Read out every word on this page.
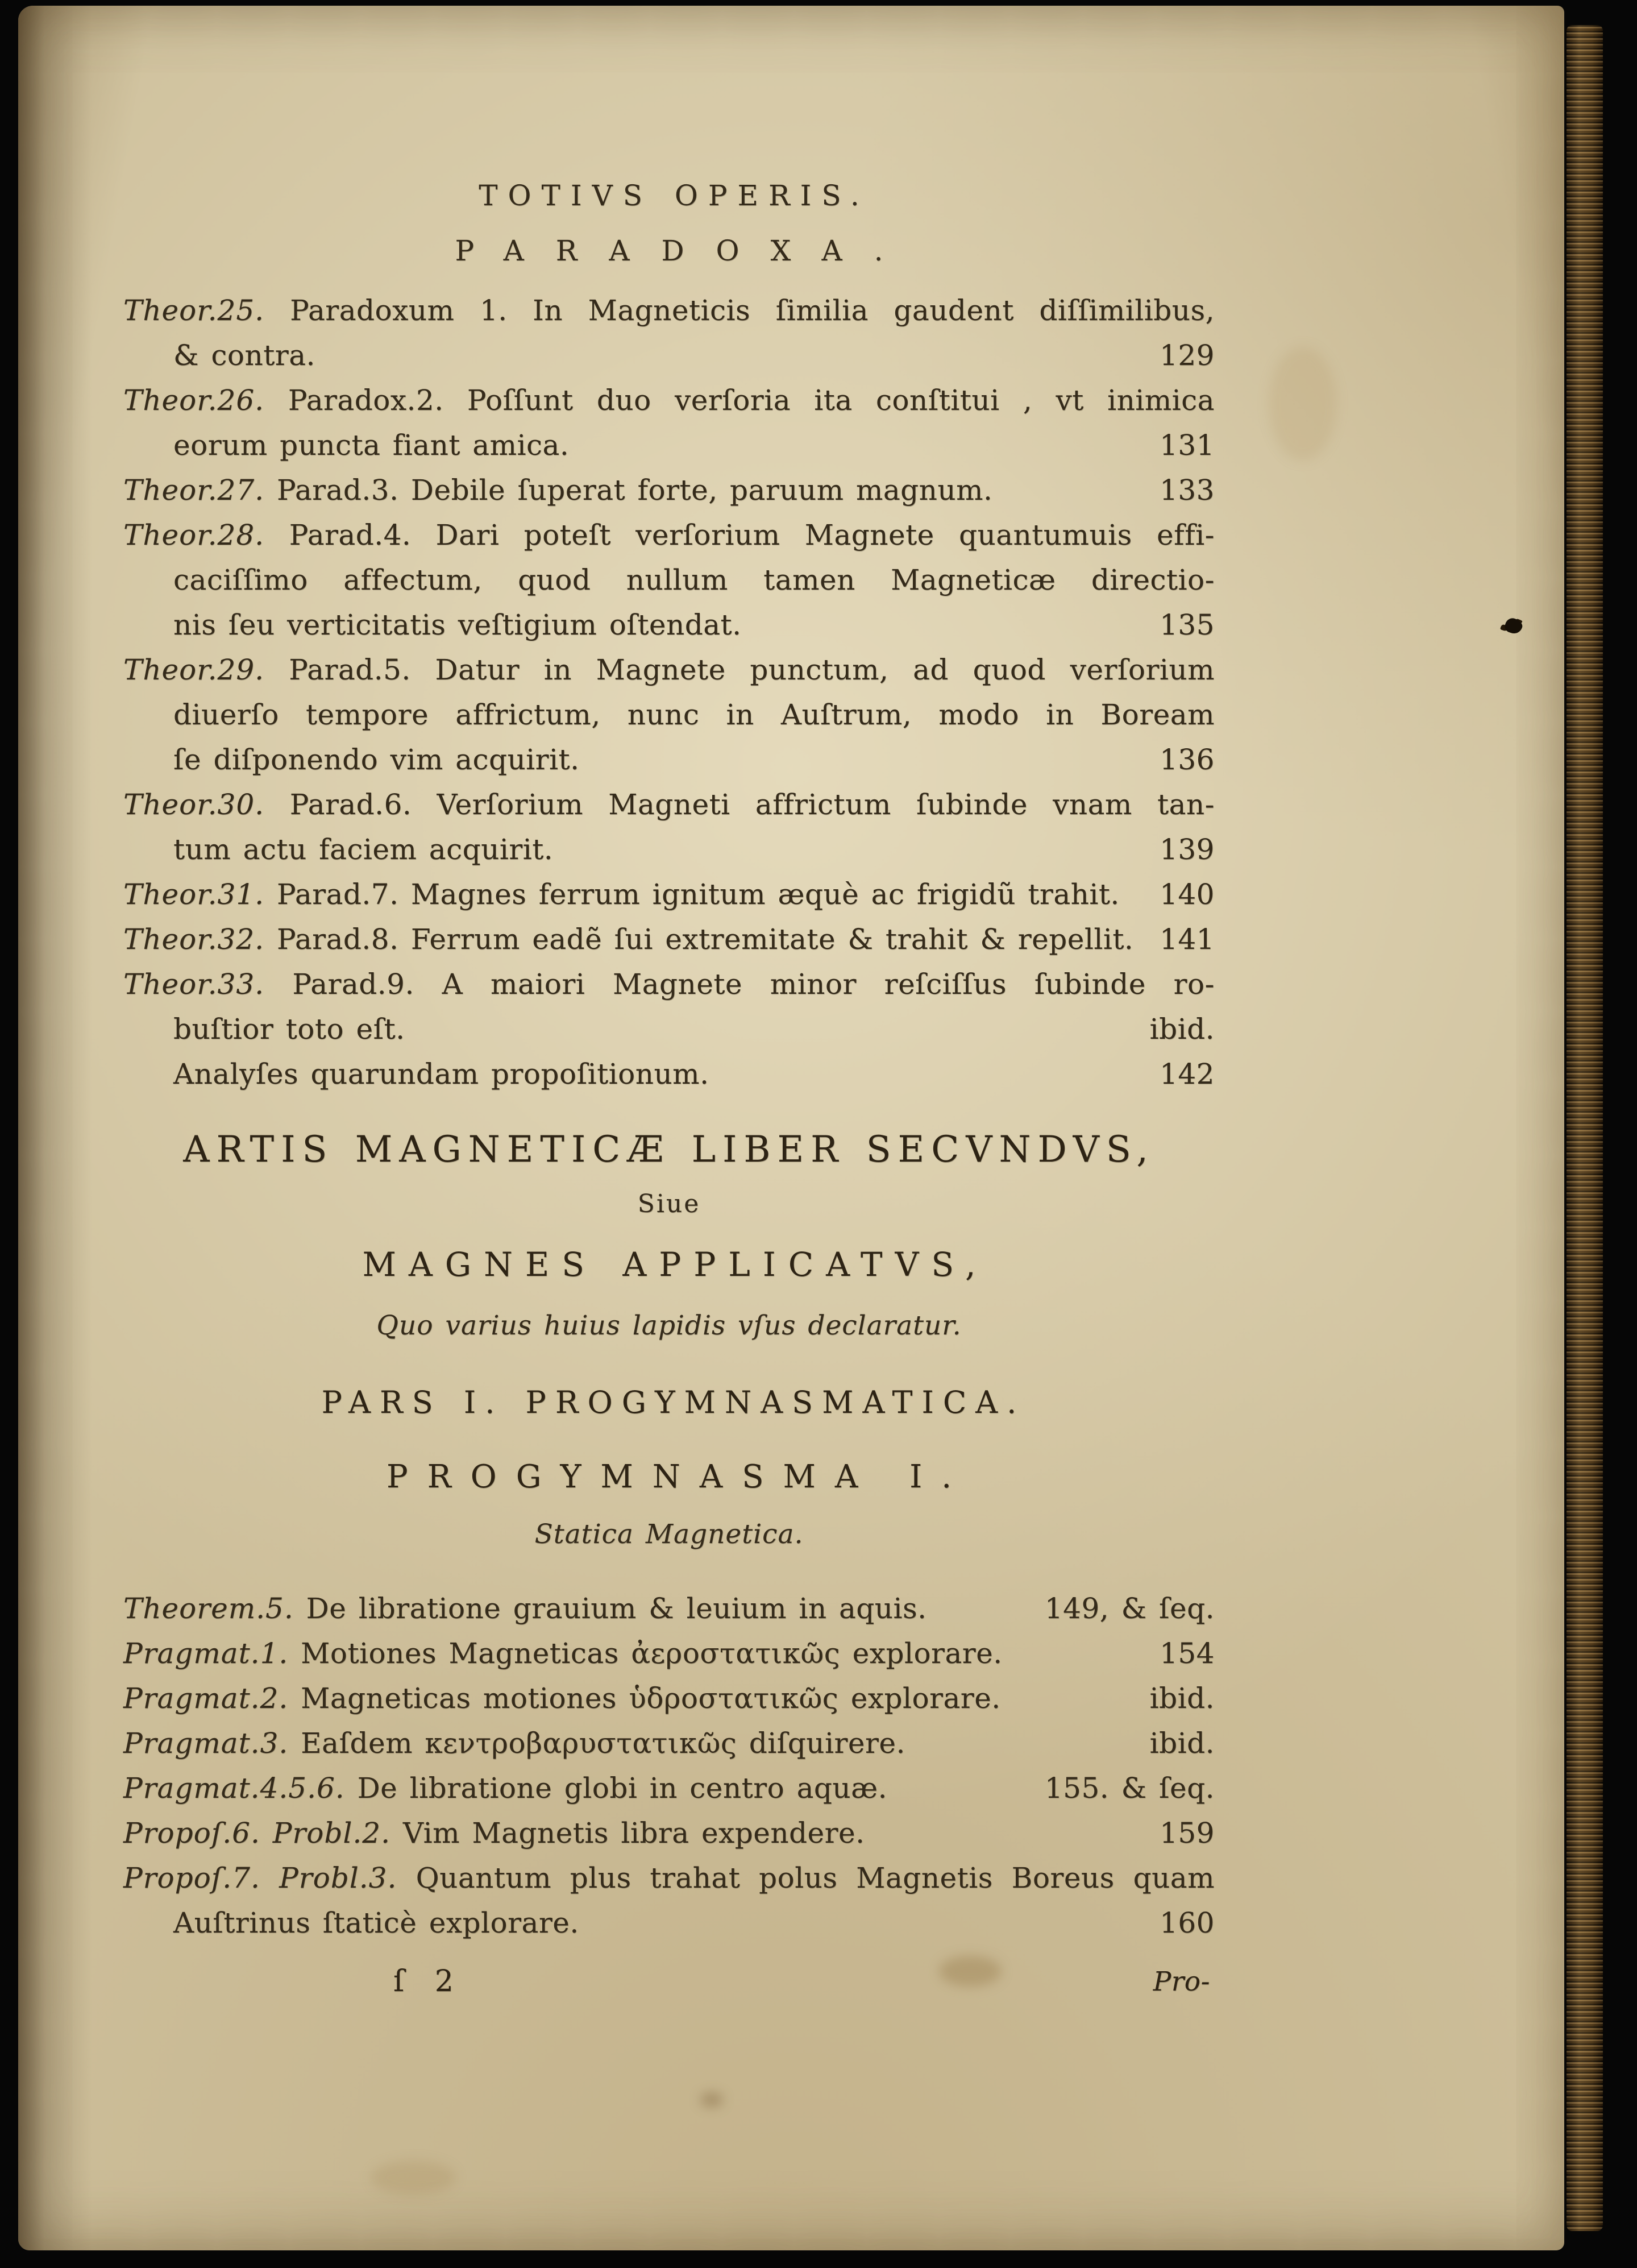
TOTIVS OPERIS.
PARADOXA.
Theor.25. Paradoxum 1. In Magneticis ſimilia gaudent diſſimilibus,
& contra.	129
Theor.26. Paradox.2. Poſſunt duo verſoria ita conſtitui , vt inimica
eorum puncta fiant amica.	131
Theor.27. Parad.3. Debile ſuperat forte, paruum magnum.	133
Theor.28. Parad.4. Dari poteſt verſorium Magnete quantumuis effi-
caciſſimo affectum, quod nullum tamen Magneticæ directio-
nis ſeu verticitatis veſtigium oſtendat.	135
Theor.29. Parad.5. Datur in Magnete punctum, ad quod verſorium
diuerſo tempore affrictum, nunc in Auſtrum, modo in Boream
ſe diſponendo vim acquirit.	136
Theor.30. Parad.6. Verſorium Magneti affrictum ſubinde vnam tan-
tum actu faciem acquirit.	139
Theor.31. Parad.7. Magnes ferrum ignitum æquè ac frigidũ trahit.	140
Theor.32. Parad.8. Ferrum eadẽ ſui extremitate & trahit & repellit. 141
Theor.33. Parad.9. A maiori Magnete minor reſciſſus ſubinde ro-
buſtior toto eſt.	ibid.
Analyſes quarundam propoſitionum.	142
ARTIS MAGNETICÆ LIBER SECVNDVS,
Siue
MAGNES APPLICATVS,
Quo varius huius lapidis vſus declaratur.
PARS I. PROGYMNASMATICA.
PROGYMNASMA I.
Statica Magnetica.
Theorem.5. De libratione grauium & leuium in aquis.	149, & ſeq.
Pragmat.1. Motiones Magneticas ἀεροστατικῶς explorare.	154
Pragmat.2. Magneticas motiones ὑδροστατικῶς explorare.	ibid.
Pragmat.3. Eaſdem κεντροβαρυστατικῶς diſquirere.	ibid.
Pragmat.4.5.6. De libratione globi in centro aquæ.	155. & ſeq.
Propoſ.6. Probl.2. Vim Magnetis libra expendere.	159
Propoſ.7. Probl.3. Quantum plus trahat polus Magnetis Boreus quam
Auſtrinus ſtaticè explorare.	160
ſ 2	Pro-
